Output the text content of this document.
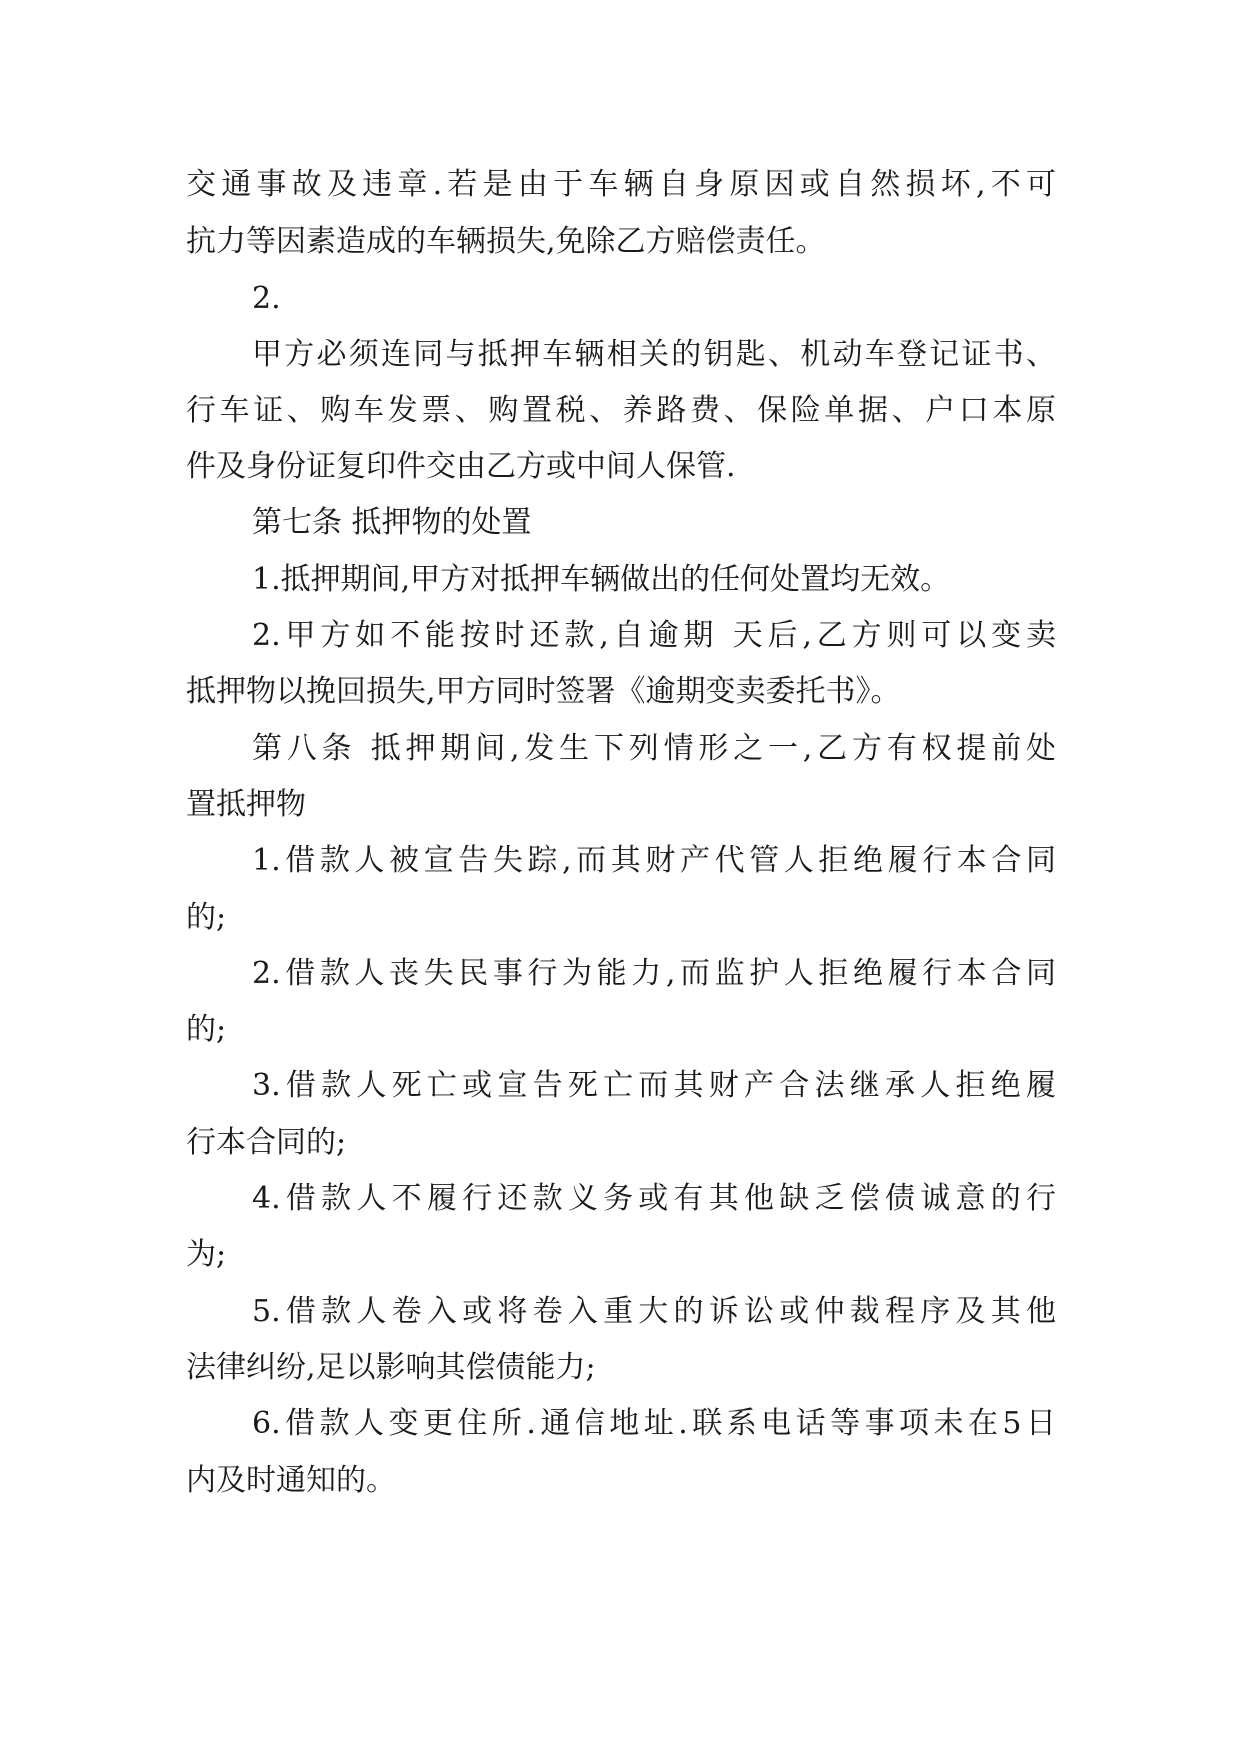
交通事故及违章.若是由于车辆自身原因或自然损坏,不可
抗力等因素造成的车辆损失,免除乙方赔偿责任。
2.
甲方必须连同与抵押车辆相关的钥匙、机动车登记证书、
行车证、购车发票、购置税、养路费、保险单据、户口本原
件及身份证复印件交由乙方或中间人保管.
第七条 抵押物的处置
1.抵押期间,甲方对抵押车辆做出的任何处置均无效。
2.甲方如不能按时还款,自逾期 天后,乙方则可以变卖
抵押物以挽回损失,甲方同时签署《逾期变卖委托书》。
第八条 抵押期间,发生下列情形之一,乙方有权提前处
置抵押物
1.借款人被宣告失踪,而其财产代管人拒绝履行本合同
的;
2.借款人丧失民事行为能力,而监护人拒绝履行本合同
的;
3.借款人死亡或宣告死亡而其财产合法继承人拒绝履
行本合同的;
4.借款人不履行还款义务或有其他缺乏偿债诚意的行
为;
5.借款人卷入或将卷入重大的诉讼或仲裁程序及其他
法律纠纷,足以影响其偿债能力;
6.借款人变更住所.通信地址.联系电话等事项未在5日
内及时通知的。
